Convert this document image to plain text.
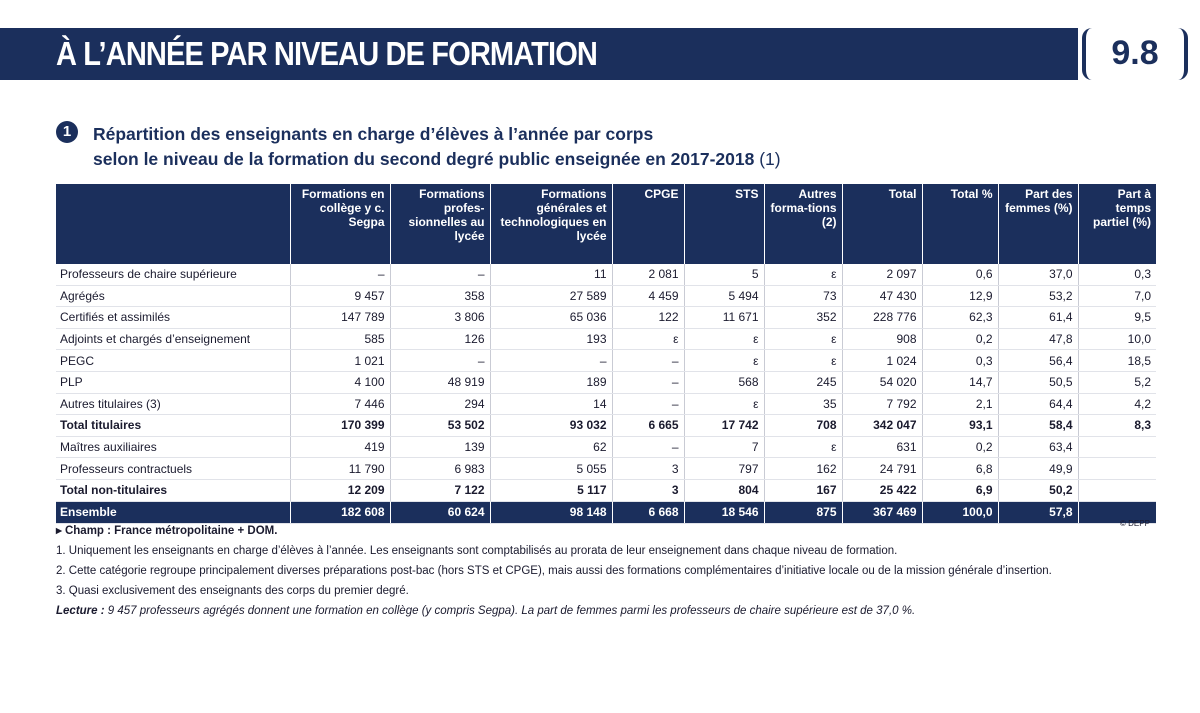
À L’ANNÉE PAR NIVEAU DE FORMATION	9.8
1	Répartition des enseignants en charge d’élèves à l’année par corps
selon le niveau de la formation du second degré public enseignée en 2017-2018 (1)
	Formations en collège y c. Segpa	Formations profes-sionnelles au lycée	Formations générales et technologiques en lycée	CPGE	STS	Autres forma-tions (2)	Total	Total %	Part des femmes (%)	Part à temps partiel (%)
Professeurs de chaire supérieure	–	–	11	2 081	5	ε	2 097	0,6	37,0	0,3
Agrégés	9 457	358	27 589	4 459	5 494	73	47 430	12,9	53,2	7,0
Certifiés et assimilés	147 789	3 806	65 036	122	11 671	352	228 776	62,3	61,4	9,5
Adjoints et chargés d’enseignement	585	126	193	ε	ε	ε	908	0,2	47,8	10,0
PEGC	1 021	–	–	–	ε	ε	1 024	0,3	56,4	18,5
PLP	4 100	48 919	189	–	568	245	54 020	14,7	50,5	5,2
Autres titulaires (3)	7 446	294	14	–	ε	35	7 792	2,1	64,4	4,2
Total titulaires	170 399	53 502	93 032	6 665	17 742	708	342 047	93,1	58,4	8,3
Maîtres auxiliaires	419	139	62	–	7	ε	631	0,2	63,4	
Professeurs contractuels	11 790	6 983	5 055	3	797	162	24 791	6,8	49,9	
Total non-titulaires	12 209	7 122	5 117	3	804	167	25 422	6,9	50,2	
Ensemble	182 608	60 624	98 148	6 668	18 546	875	367 469	100,0	57,8	

▸ Champ : France métropolitaine + DOM.

1. Uniquement les enseignants en charge d’élèves à l’année. Les enseignants sont comptabilisés au prorata de leur enseignement dans chaque niveau de formation.

2. Cette catégorie regroupe principalement diverses préparations post-bac (hors STS et CPGE), mais aussi des formations complémentaires d’initiative locale ou de la mission générale d’insertion.

3. Quasi exclusivement des enseignants des corps du premier degré.

Lecture : 9 457 professeurs agrégés donnent une formation en collège (y compris Segpa). La part de femmes parmi les professeurs de chaire supérieure est de 37,0 %.

© DEPP
